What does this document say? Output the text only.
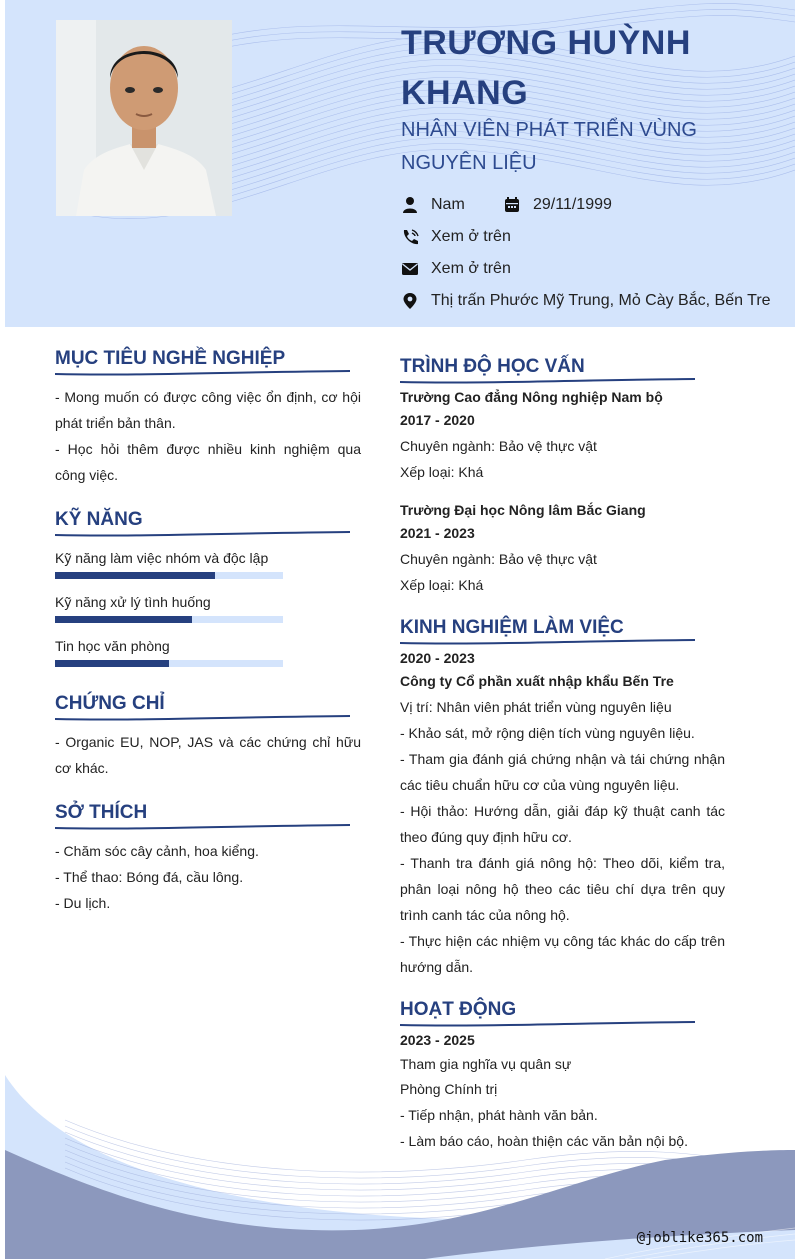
TRƯƠNG HUỲNH KHANG
NHÂN VIÊN PHÁT TRIỂN VÙNG NGUYÊN LIỆU
Nam	29/11/1999
Xem ở trên
Xem ở trên
Thị trấn Phước Mỹ Trung, Mỏ Cày Bắc, Bến Tre
MỤC TIÊU NGHỀ NGHIỆP
- Mong muốn có được công việc ổn định, cơ hội phát triển bản thân.
- Học hỏi thêm được nhiều kinh nghiệm qua công việc.
KỸ NĂNG
Kỹ năng làm việc nhóm và độc lập
Kỹ năng xử lý tình huống
Tin học văn phòng
CHỨNG CHỈ
- Organic EU, NOP, JAS và các chứng chỉ hữu cơ khác.
SỞ THÍCH
- Chăm sóc cây cảnh, hoa kiểng.
- Thể thao: Bóng đá, cầu lông.
- Du lịch.
TRÌNH ĐỘ HỌC VẤN
Trường Cao đẳng Nông nghiệp Nam bộ
2017 - 2020
Chuyên ngành: Bảo vệ thực vật
Xếp loại: Khá
Trường Đại học Nông lâm Bắc Giang
2021 - 2023
Chuyên ngành: Bảo vệ thực vật
Xếp loại: Khá
KINH NGHIỆM LÀM VIỆC
2020 - 2023
Công ty Cổ phần xuất nhập khẩu Bến Tre
Vị trí: Nhân viên phát triển vùng nguyên liệu
- Khảo sát, mở rộng diện tích vùng nguyên liệu.
- Tham gia đánh giá chứng nhận và tái chứng nhận các tiêu chuẩn hữu cơ của vùng nguyên liệu.
- Hội thảo: Hướng dẫn, giải đáp kỹ thuật canh tác theo đúng quy định hữu cơ.
- Thanh tra đánh giá nông hộ: Theo dõi, kiểm tra, phân loại nông hộ theo các tiêu chí dựa trên quy trình canh tác của nông hộ.
- Thực hiện các nhiệm vụ công tác khác do cấp trên hướng dẫn.
HOẠT ĐỘNG
2023 - 2025
Tham gia nghĩa vụ quân sự
Phòng Chính trị
- Tiếp nhận, phát hành văn bản.
- Làm báo cáo, hoàn thiện các văn bản nội bộ.
@joblike365.com
